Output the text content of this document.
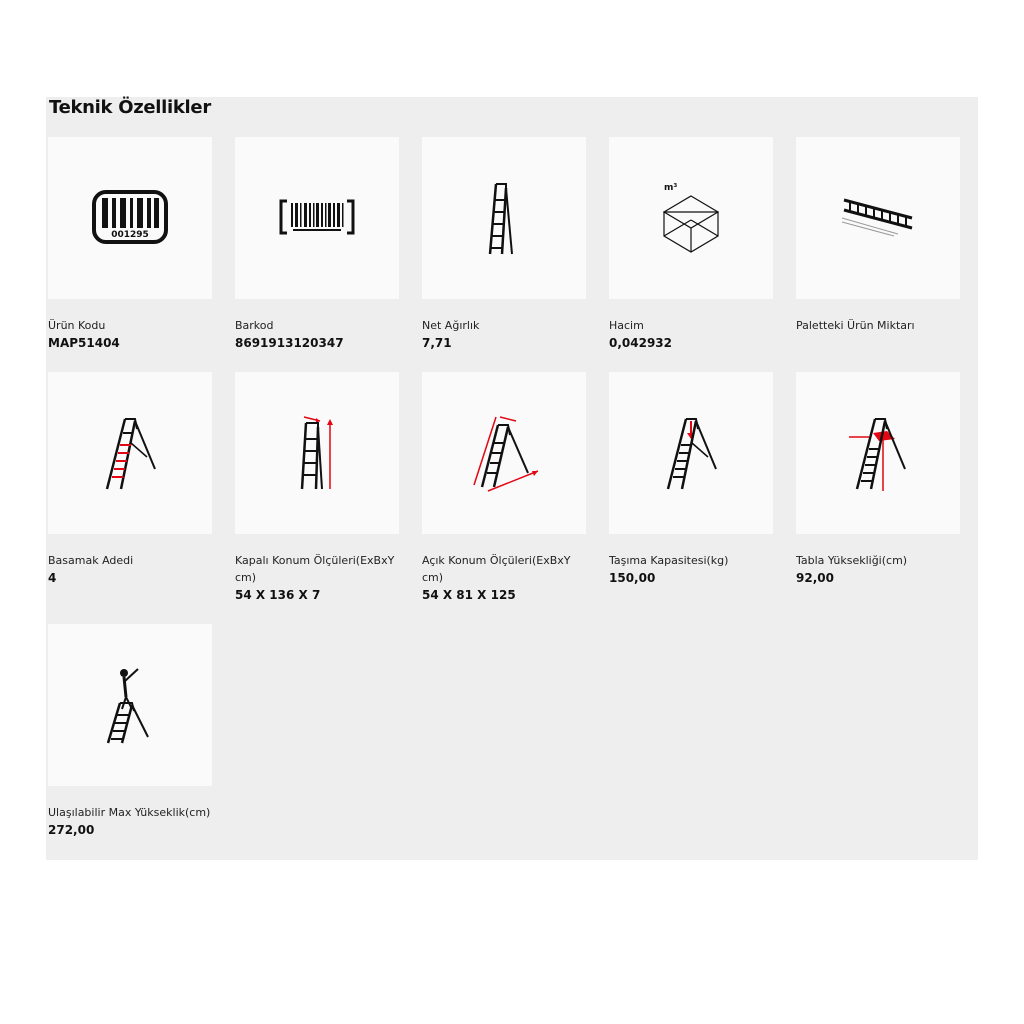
Teknik Özellikler
001295
Ürün Kodu
MAP51404
Barkod
8691913120347
Net Ağırlık
7,71
m³
Hacim
0,042932
Paletteki Ürün Miktarı
Basamak Adedi
4
Kapalı Konum Ölçüleri(ExBxY cm)
54 X 136 X 7
Açık Konum Ölçüleri(ExBxY cm)
54 X 81 X 125
Taşıma Kapasitesi(kg)
150,00
Tabla Yüksekliği(cm)
92,00
Ulaşılabilir Max Yükseklik(cm)
272,00
